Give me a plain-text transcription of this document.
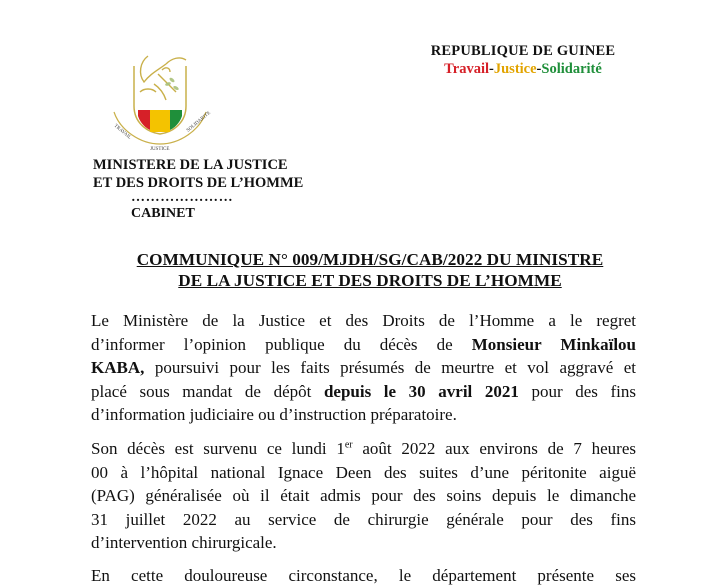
TRAVAIL
JUSTICE
SOLIDARITE
REPUBLIQUE DE GUINEE
Travail-Justice-Solidarité
MINISTERE DE LA JUSTICE
ET DES DROITS DE L’HOMME
…………………
CABINET
COMMUNIQUE N° 009/MJDH/SG/CAB/2022 DU MINISTRE
DE LA JUSTICE ET DES DROITS DE L’HOMME
Le Ministère de la Justice et des Droits de l’Homme a le regret
d’informer l’opinion publique du décès de Monsieur Minkaïlou
KABA, poursuivi pour les faits présumés de meurtre et vol aggravé et
placé sous mandat de dépôt depuis le 30 avril 2021 pour des fins
d’information judiciaire ou d’instruction préparatoire.
Son décès est survenu ce lundi 1er août 2022 aux environs de 7 heures
00 à l’hôpital national Ignace Deen des suites d’une péritonite aiguë
(PAG) généralisée où il était admis pour des soins depuis le dimanche
31 juillet 2022 au service de chirurgie générale pour des fins
d’intervention chirurgicale.
En cette douloureuse circonstance, le département présente ses
